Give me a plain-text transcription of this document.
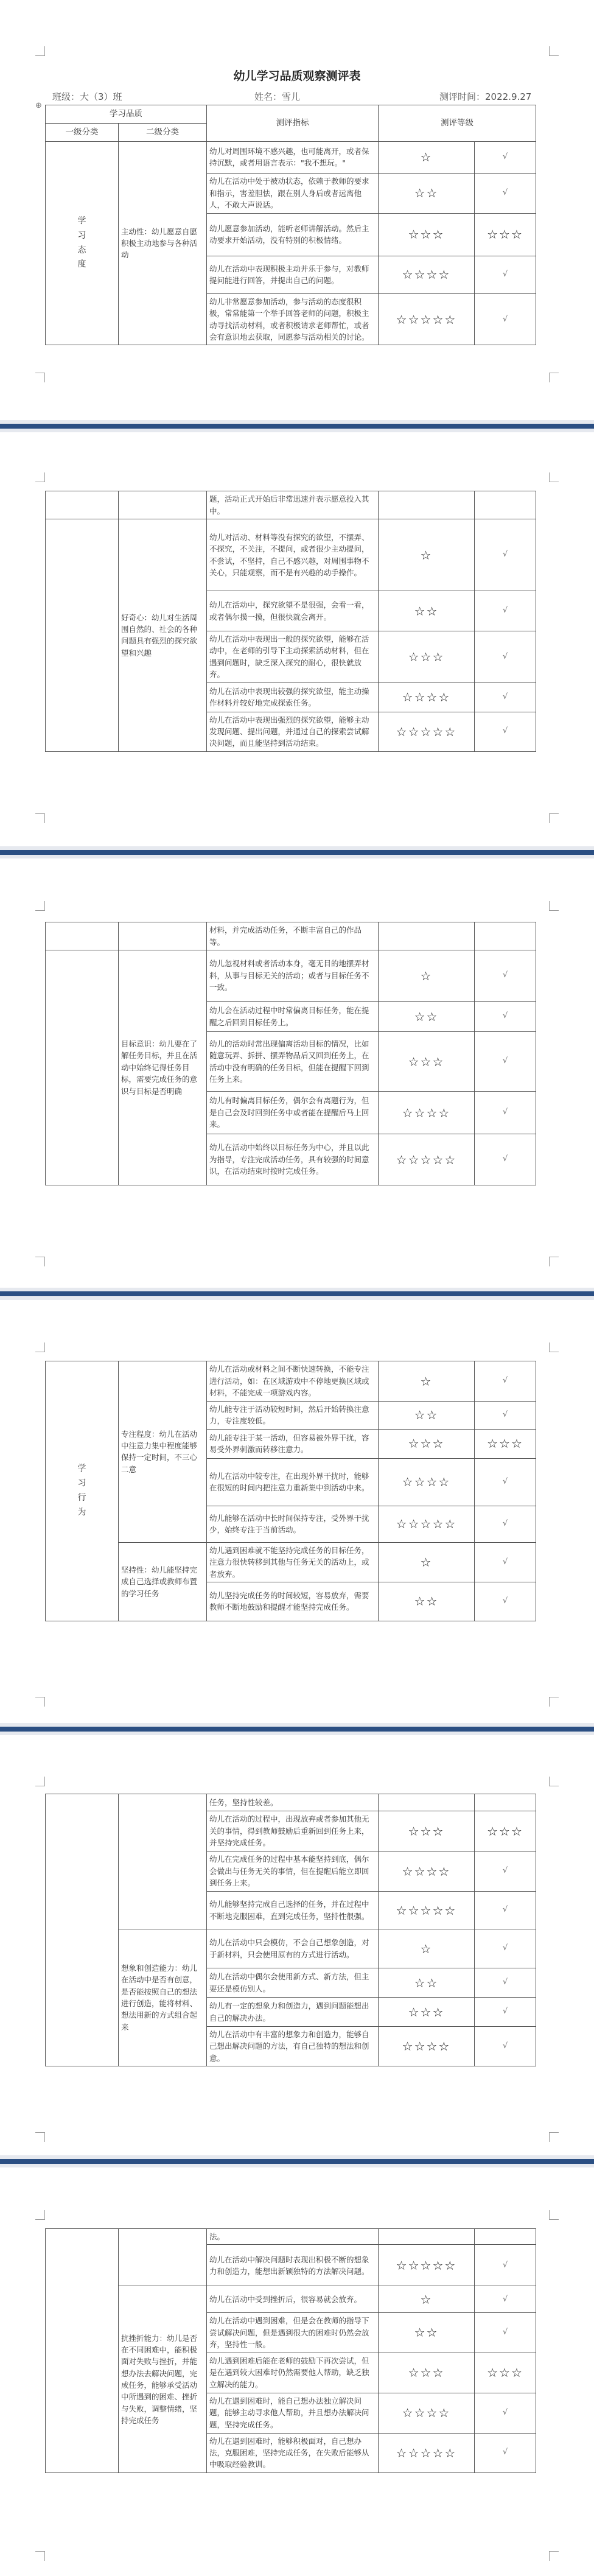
幼儿学习品质观察测评表
班级：大（3）班	姓名：雪儿	测评时间：2022.9.27
⊕
学习品质		测评指标	测评等级	
一级分类	二级分类			

学
习
态
度	主动性：幼儿愿意自愿积极主动地参与各种活动	幼儿对周围环境不感兴趣，也可能离开，或者保持沉默，或者用语言表示："我不想玩。"	☆	√
		幼儿在活动中处于被动状态，依赖于教师的要求和指示，害羞胆怯，跟在别人身后或者远离他人，不敢大声说话。	☆☆	√
		幼儿愿意参加活动，能听老师讲解活动。然后主动要求开始活动，没有特别的积极情绪。	☆☆☆	☆☆☆
		幼儿在活动中表现积极主动并乐于参与，对教师提问能进行回答，并提出自己的问题。	☆☆☆☆	√
		幼儿非常愿意参加活动，参与活动的态度很积极，常常能第一个举手回答老师的问题，积极主动寻找活动材料，或者积极请求老师帮忙，或者会有意识地去获取，同愿参与活动相关的讨论。	☆☆☆☆☆	√
		题，活动正式开始后非常迅速并表示愿意投入其中。		
	好奇心：幼儿对生活周围自然的、社会的各种问题具有强烈的探究欲望和兴趣	幼儿对活动、材料等没有探究的欲望，不摆弄、不探究，不关注，不提问，或者很少主动提问，不尝试，不坚持，自己不感兴趣，对周围事物不关心，只能观察，而不是有兴趣的动手操作。	☆	√
		幼儿在活动中，探究欲望不是很强，会看一看，或者偶尔摸一摸，但很快就会离开。	☆☆	√
		幼儿在活动中表现出一般的探究欲望，能够在活动中，在老师的引导下主动探索活动材料，但在遇到问题时，缺乏深入探究的耐心，很快就放弃。	☆☆☆	√
		幼儿在活动中表现出较强的探究欲望，能主动操作材料并较好地完成探索任务。	☆☆☆☆	√
		幼儿在活动中表现出强烈的探究欲望，能够主动发现问题、提出问题，并通过自己的探索尝试解决问题，而且能坚持到活动结束。	☆☆☆☆☆	√
		材料，并完成活动任务，不断丰富自己的作品等。		
	目标意识：幼儿要在了解任务目标，并且在活动中始终记得任务目标，需要完成任务的意识与目标是否明确	幼儿忽视材料或者活动本身，毫无目的地摆弄材料，从事与目标无关的活动；或者与目标任务不一致。	☆	√
		幼儿会在活动过程中时常偏离目标任务，能在提醒之后回到目标任务上。	☆☆	√
		幼儿的活动时常出现偏离活动目标的情况，比如随意玩弄、拆拼、摆弄物品后又回到任务上，在活动中没有明确的任务目标，但能在提醒下回到任务上来。	☆☆☆	√
		幼儿有时偏离目标任务，偶尔会有离题行为，但是自己会及时回到任务中或者能在提醒后马上回来。	☆☆☆☆	√
		幼儿在活动中始终以目标任务为中心，并且以此为指导，专注完成活动任务，具有较强的时间意识，在活动结束时按时完成任务。	☆☆☆☆☆	√
学
习
行
为	专注程度：幼儿在活动中注意力集中程度能够保持一定时间，不三心二意	幼儿在活动或材料之间不断快速转换，不能专注进行活动，如：在区域游戏中不停地更换区域或材料，不能完成一项游戏内容。	☆	√
		幼儿能专注于活动较短时间，然后开始转换注意力，专注度较低。	☆☆	√
		幼儿能专注于某一活动，但容易被外界干扰，容易受外界刺激而转移注意力。	☆☆☆	☆☆☆
		幼儿在活动中较专注，在出现外界干扰时，能够在很短的时间内把注意力重新集中到活动中来。	☆☆☆☆	√
		幼儿能够在活动中长时间保持专注，受外界干扰少，始终专注于当前活动。	☆☆☆☆☆	√
	坚持性：幼儿能坚持完成自己选择或教师布置的学习任务	幼儿遇到困难就不能坚持完成任务的目标任务，注意力很快转移到其他与任务无关的活动上，或者放弃。	☆	√
		幼儿坚持完成任务的时间较短，容易放弃，需要教师不断地鼓励和提醒才能坚持完成任务。	☆☆	√
		任务，坚持性较差。		
		幼儿在活动的过程中，出现放弃或者参加其他无关的事情，得到教师鼓励后重新回到任务上来，并坚持完成任务。	☆☆☆	☆☆☆
		幼儿在完成任务的过程中基本能坚持到底，偶尔会做出与任务无关的事情，但在提醒后能立即回到任务上来。	☆☆☆☆	√
		幼儿能够坚持完成自己选择的任务，并在过程中不断地克服困难，直到完成任务，坚持性很强。	☆☆☆☆☆	√
	想象和创造能力：幼儿在活动中是否有创意，是否能按照自己的想法进行创造，能将材料、想法用新的方式组合起来	幼儿在活动中只会模仿，不会自己想象创造，对于新材料，只会使用原有的方式进行活动。	☆	√
		幼儿在活动中偶尔会使用新方式、新方法，但主要还是模仿别人。	☆☆	√
		幼儿有一定的想象力和创造力，遇到问题能想出自己的解决办法。	☆☆☆	√
		幼儿在活动中有丰富的想象力和创造力，能够自己想出解决问题的方法，有自己独特的想法和创意。	☆☆☆☆	√
		法。		
		幼儿在活动中解决问题时表现出积极不断的想象力和创造力，能想出新颖独特的方法解决问题。	☆☆☆☆☆	√
	抗挫折能力：幼儿是否在不同困难中，能积极面对失败与挫折，并能想办法去解决问题，完成任务，能够承受活动中所遇到的困难、挫折与失败，调整情绪，坚持完成任务	幼儿在活动中受到挫折后，很容易就会放弃。	☆	√
		幼儿在活动中遇到困难，但是会在教师的指导下尝试解决问题，但是遇到很大的困难时仍然会放弃，坚持性一般。	☆☆	√
		幼儿遇到困难后能在老师的鼓励下再次尝试，但是在遇到较大困难时仍然需要他人帮助，缺乏独立解决的能力。	☆☆☆	☆☆☆
		幼儿在遇到困难时，能自己想办法独立解决问题，能够主动寻求他人帮助，并且想办法解决问题，坚持完成任务。	☆☆☆☆	√
		幼儿在遇到困难时，能够积极面对，自己想办法，克服困难，坚持完成任务，在失败后能够从中吸取经验教训。	☆☆☆☆☆	√
